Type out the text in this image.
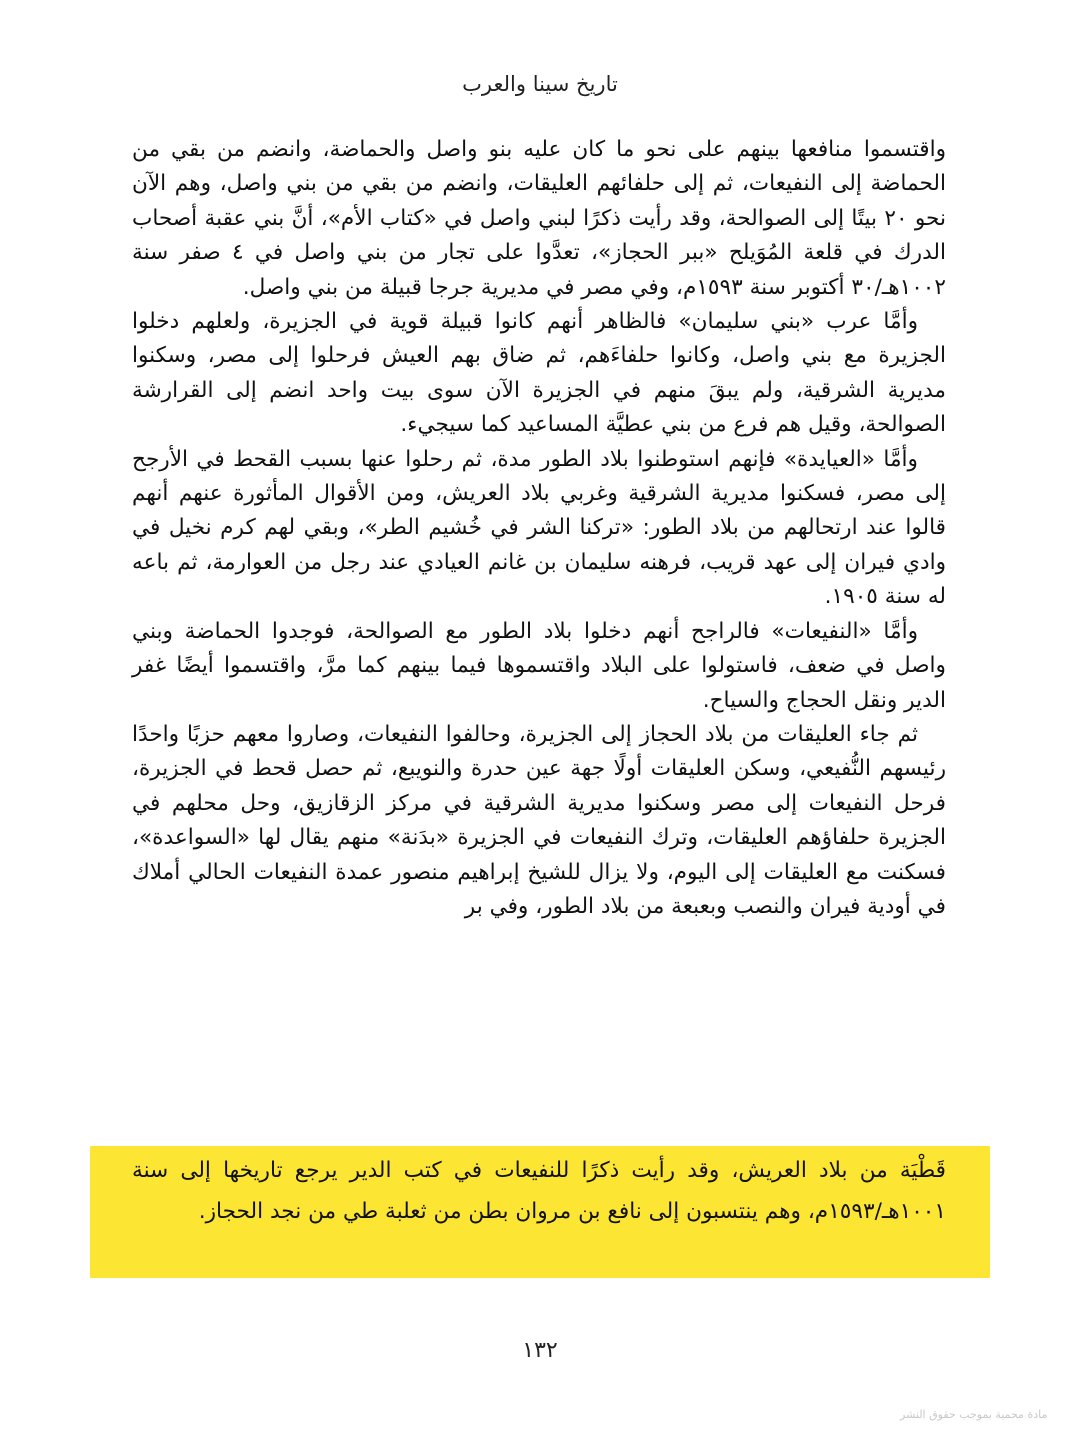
تاريخ سينا والعرب

واقتسموا منافعها بينهم على نحو ما كان عليه بنو واصل والحماضة، وانضم من بقي من الحماضة إلى النفيعات، ثم إلى حلفائهم العليقات، وانضم من بقي من بني واصل، وهم الآن نحو ٢٠ بيتًا إلى الصوالحة، وقد رأيت ذكرًا لبني واصل في «كتاب الأم»، أنَّ بني عقبة أصحاب الدرك في قلعة المُوَيلح «ببر الحجاز»، تعدَّوا على تجار من بني واصل في ٤ صفر سنة ١٠٠٢هـ/٣٠ أكتوبر سنة ١٥٩٣م، وفي مصر في مديرية جرجا قبيلة من بني واصل.

وأمَّا عرب «بني سليمان» فالظاهر أنهم كانوا قبيلة قوية في الجزيرة، ولعلهم دخلوا الجزيرة مع بني واصل، وكانوا حلفاءَهم، ثم ضاق بهم العيش فرحلوا إلى مصر، وسكنوا مديرية الشرقية، ولم يبقَ منهم في الجزيرة الآن سوى بيت واحد انضم إلى القرارشة الصوالحة، وقيل هم فرع من بني عطيَّة المساعيد كما سيجيء.

وأمَّا «العيايدة» فإنهم استوطنوا بلاد الطور مدة، ثم رحلوا عنها بسبب القحط في الأرجح إلى مصر، فسكنوا مديرية الشرقية وغربي بلاد العريش، ومن الأقوال المأثورة عنهم أنهم قالوا عند ارتحالهم من بلاد الطور: «تركنا الشر في خُشيم الطر»، وبقي لهم كرم نخيل في وادي فيران إلى عهد قريب، فرهنه سليمان بن غانم العيادي عند رجل من العوارمة، ثم باعه له سنة ١٩٠٥.

وأمَّا «النفيعات» فالراجح أنهم دخلوا بلاد الطور مع الصوالحة، فوجدوا الحماضة وبني واصل في ضعف، فاستولوا على البلاد واقتسموها فيما بينهم كما مرَّ، واقتسموا أيضًا غفر الدير ونقل الحجاج والسياح.

ثم جاء العليقات من بلاد الحجاز إلى الجزيرة، وحالفوا النفيعات، وصاروا معهم حزبًا واحدًا رئيسهم النُّفيعي، وسكن العليقات أولًا جهة عين حدرة والنويبع، ثم حصل قحط في الجزيرة، فرحل النفيعات إلى مصر وسكنوا مديرية الشرقية في مركز الزقازيق، وحل محلهم في الجزيرة حلفاؤهم العليقات، وترك النفيعات في الجزيرة «بدَنة» منهم يقال لها «السواعدة»، فسكنت مع العليقات إلى اليوم، ولا يزال للشيخ إبراهيم منصور عمدة النفيعات الحالي أملاك في أودية فيران والنصب وبعبعة من بلاد الطور، وفي بر

قَطْيَة من بلاد العريش، وقد رأيت ذكرًا للنفيعات في كتب الدير يرجع تاريخها إلى سنة ١٠٠١هـ/١٥٩٣م، وهم ينتسبون إلى نافع بن مروان بطن من ثعلبة طي من نجد الحجاز.

١٣٢
مادة محمية بموجب حقوق النشر
